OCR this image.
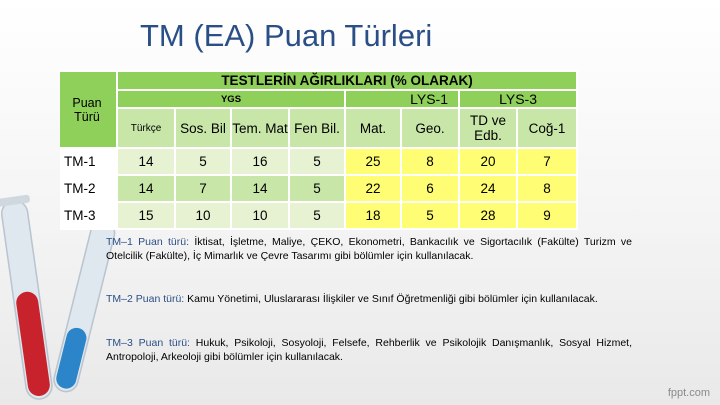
TM (EA) Puan Türleri
	TESTLERİN AĞIRLIKLARI (% OLARAK)							
	YGS				LYS-1		LYS-3	
	Türkçe	Sos. Bil	Tem. Mat	Fen Bil.	Mat.	Geo.	TD ve Edb.	Coğ-1
TM-1	14	5	16	5	25	8	20	7
TM-2	14	7	14	5	22	6	24	8
TM-3	15	10	10	5	18	5	28	9
Puan Türü
TM–1 Puan türü: İktisat, İşletme, Maliye, ÇEKO, Ekonometri, Bankacılık ve Sigortacılık (Fakülte) Turizm ve Otelcilik (Fakülte), İç Mimarlık ve Çevre Tasarımı gibi bölümler için kullanılacak.
TM–2 Puan türü: Kamu Yönetimi, Uluslararası İlişkiler ve Sınıf Öğretmenliği gibi bölümler için kullanılacak.
TM–3 Puan türü: Hukuk, Psikoloji, Sosyoloji, Felsefe, Rehberlik ve Psikolojik Danışmanlık, Sosyal Hizmet, Antropoloji, Arkeoloji gibi bölümler için kullanılacak.
fppt.com
